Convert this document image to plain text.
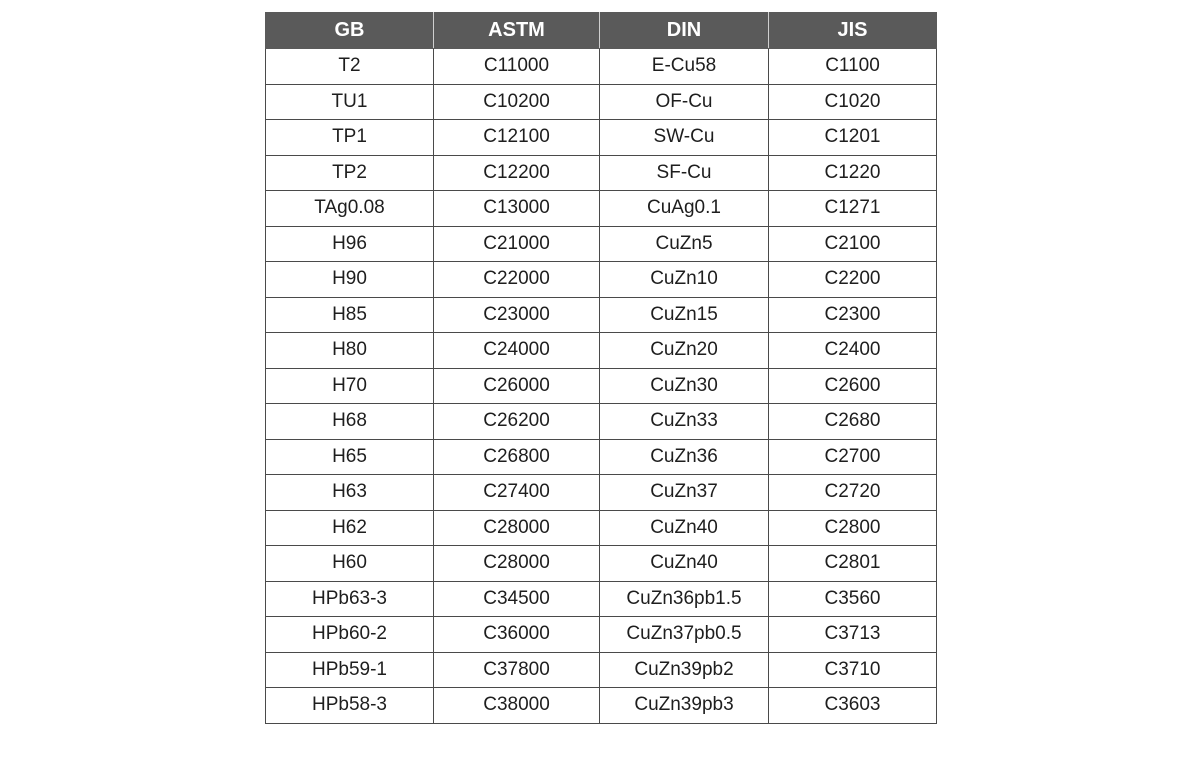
GB	ASTM	DIN	JIS
T2	C11000	E-Cu58	C1100
TU1	C10200	OF-Cu	C1020
TP1	C12100	SW-Cu	C1201
TP2	C12200	SF-Cu	C1220
TAg0.08	C13000	CuAg0.1	C1271
H96	C21000	CuZn5	C2100
H90	C22000	CuZn10	C2200
H85	C23000	CuZn15	C2300
H80	C24000	CuZn20	C2400
H70	C26000	CuZn30	C2600
H68	C26200	CuZn33	C2680
H65	C26800	CuZn36	C2700
H63	C27400	CuZn37	C2720
H62	C28000	CuZn40	C2800
H60	C28000	CuZn40	C2801
HPb63-3	C34500	CuZn36pb1.5	C3560
HPb60-2	C36000	CuZn37pb0.5	C3713
HPb59-1	C37800	CuZn39pb2	C3710
HPb58-3	C38000	CuZn39pb3	C3603
